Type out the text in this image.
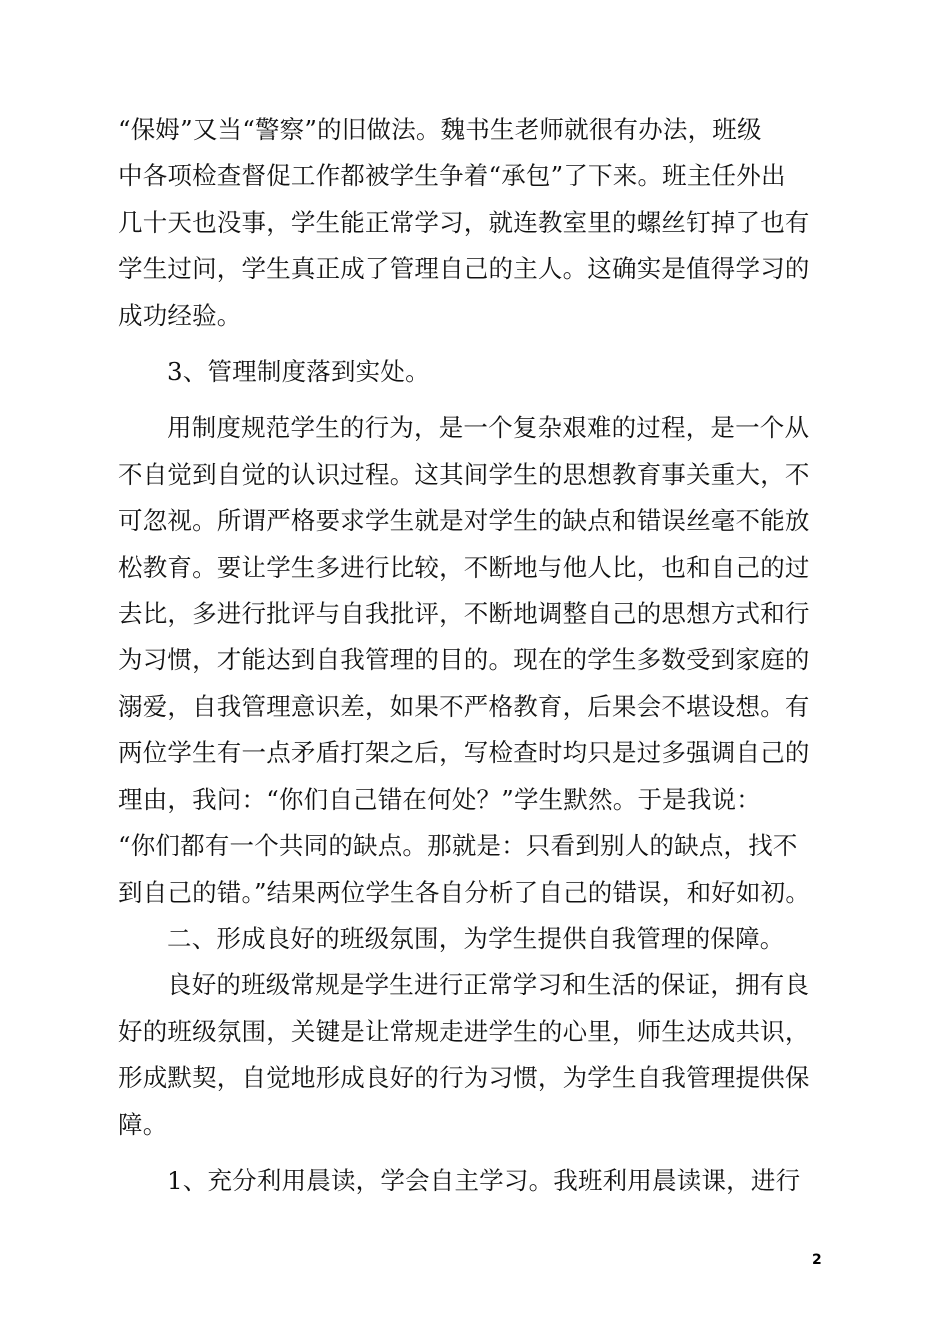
“保姆”又当“警察”的旧做法。魏书生老师就很有办法，班级
中各项检查督促工作都被学生争着“承包”了下来。班主任外出
几十天也没事，学生能正常学习，就连教室里的螺丝钉掉了也有
学生过问，学生真正成了管理自己的主人。这确实是值得学习的
成功经验。

3、管理制度落到实处。

用制度规范学生的行为，是一个复杂艰难的过程，是一个从
不自觉到自觉的认识过程。这其间学生的思想教育事关重大，不
可忽视。所谓严格要求学生就是对学生的缺点和错误丝毫不能放
松教育。要让学生多进行比较，不断地与他人比，也和自己的过
去比，多进行批评与自我批评，不断地调整自己的思想方式和行
为习惯，才能达到自我管理的目的。现在的学生多数受到家庭的
溺爱，自我管理意识差，如果不严格教育，后果会不堪设想。有
两位学生有一点矛盾打架之后，写检查时均只是过多强调自己的
理由，我问：“你们自己错在何处？”学生默然。于是我说：
“你们都有一个共同的缺点。那就是：只看到别人的缺点，找不
到自己的错。”结果两位学生各自分析了自己的错误，和好如初。

二、形成良好的班级氛围，为学生提供自我管理的保障。

良好的班级常规是学生进行正常学习和生活的保证，拥有良
好的班级氛围，关键是让常规走进学生的心里，师生达成共识，
形成默契，自觉地形成良好的行为习惯，为学生自我管理提供保
障。

1、充分利用晨读，学会自主学习。我班利用晨读课，进行

2
